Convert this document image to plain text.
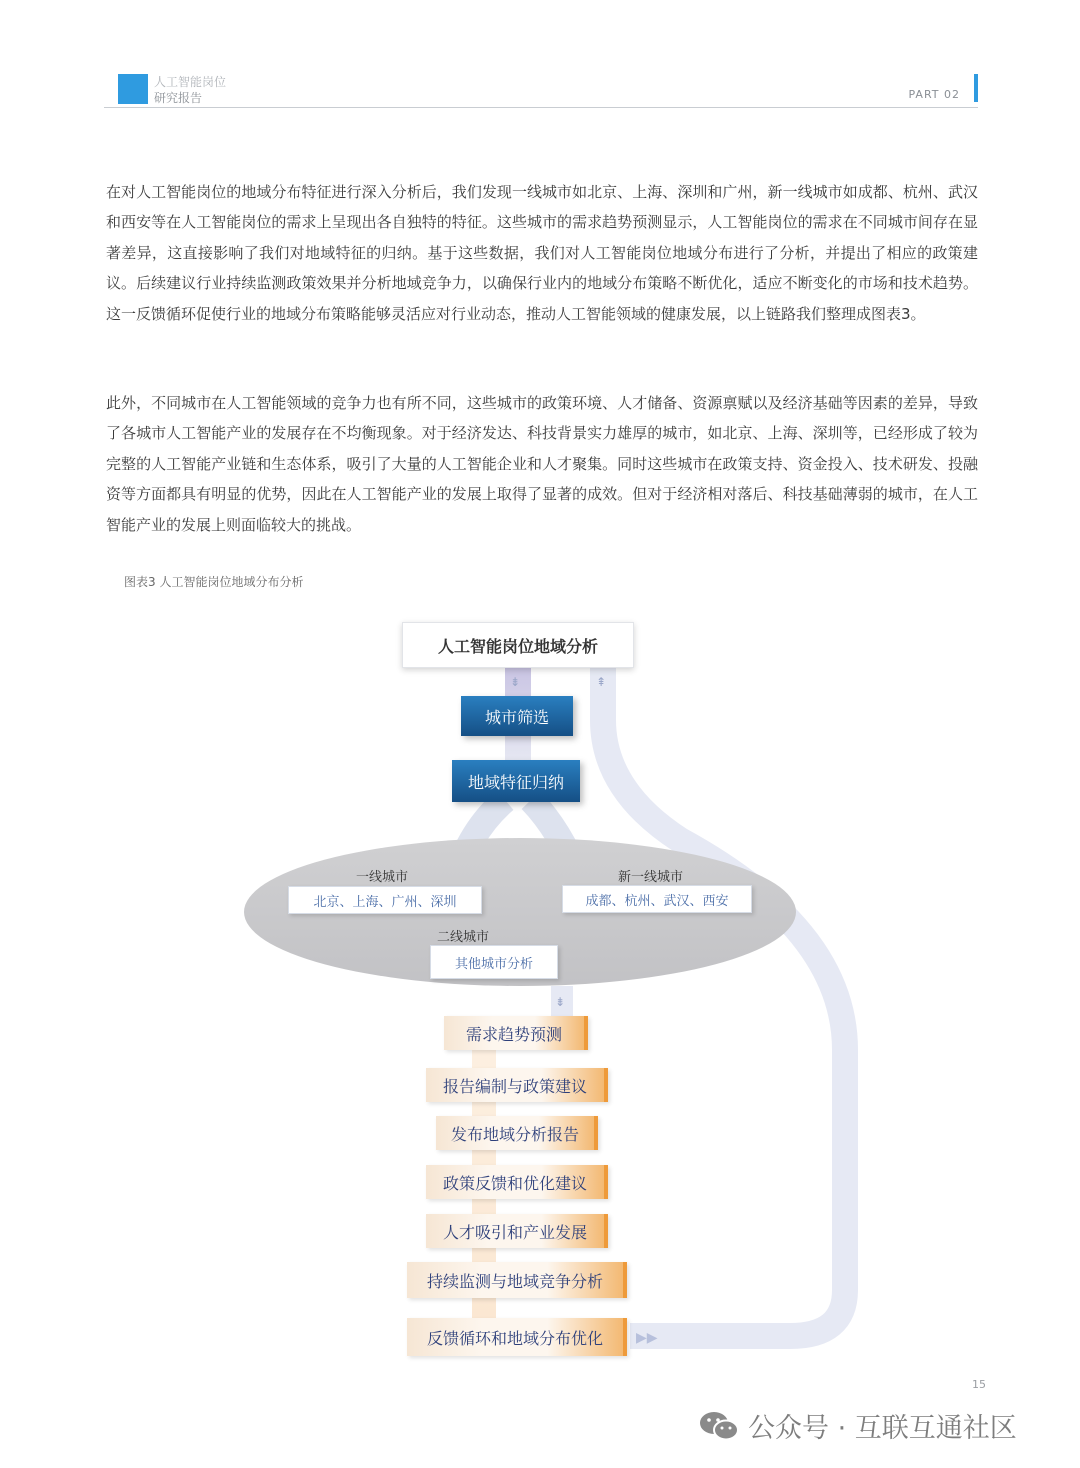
人工智能岗位
研究报告	PART 02

在对人工智能岗位的地域分布特征进行深入分析后，我们发现一线城市如北京、上海、深圳和广州，新一线城市如成都、杭州、武汉和西安等在人工智能岗位的需求上呈现出各自独特的特征。这些城市的需求趋势预测显示，人工智能岗位的需求在不同城市间存在显著差异，这直接影响了我们对地域特征的归纳。基于这些数据，我们对人工智能岗位地域分布进行了分析，并提出了相应的政策建议。后续建议行业持续监测政策效果并分析地域竞争力，以确保行业内的地域分布策略不断优化，适应不断变化的市场和技术趋势。这一反馈循环促使行业的地域分布策略能够灵活应对行业动态，推动人工智能领域的健康发展，以上链路我们整理成图表3。

此外，不同城市在人工智能领域的竞争力也有所不同，这些城市的政策环境、人才储备、资源禀赋以及经济基础等因素的差异，导致了各城市人工智能产业的发展存在不均衡现象。对于经济发达、科技背景实力雄厚的城市，如北京、上海、深圳等，已经形成了较为完整的人工智能产业链和生态体系，吸引了大量的人工智能企业和人才聚集。同时这些城市在政策支持、资金投入、技术研发、投融资等方面都具有明显的优势，因此在人工智能产业的发展上取得了显著的成效。但对于经济相对落后、科技基础薄弱的城市，在人工智能产业的发展上则面临较大的挑战。

图表3 人工智能岗位地域分布分析
⇞
▶▶
⇟
⇟
人工智能岗位地域分析
城市筛选
地域特征归纳
一线城市
北京、上海、广州、深圳
新一线城市
成都、杭州、武汉、西安
二线城市
其他城市分析
需求趋势预测
报告编制与政策建议
发布地域分析报告
政策反馈和优化建议
人才吸引和产业发展
持续监测与地域竞争分析
反馈循环和地域分布优化
15
公众号 · 互联互通社区
